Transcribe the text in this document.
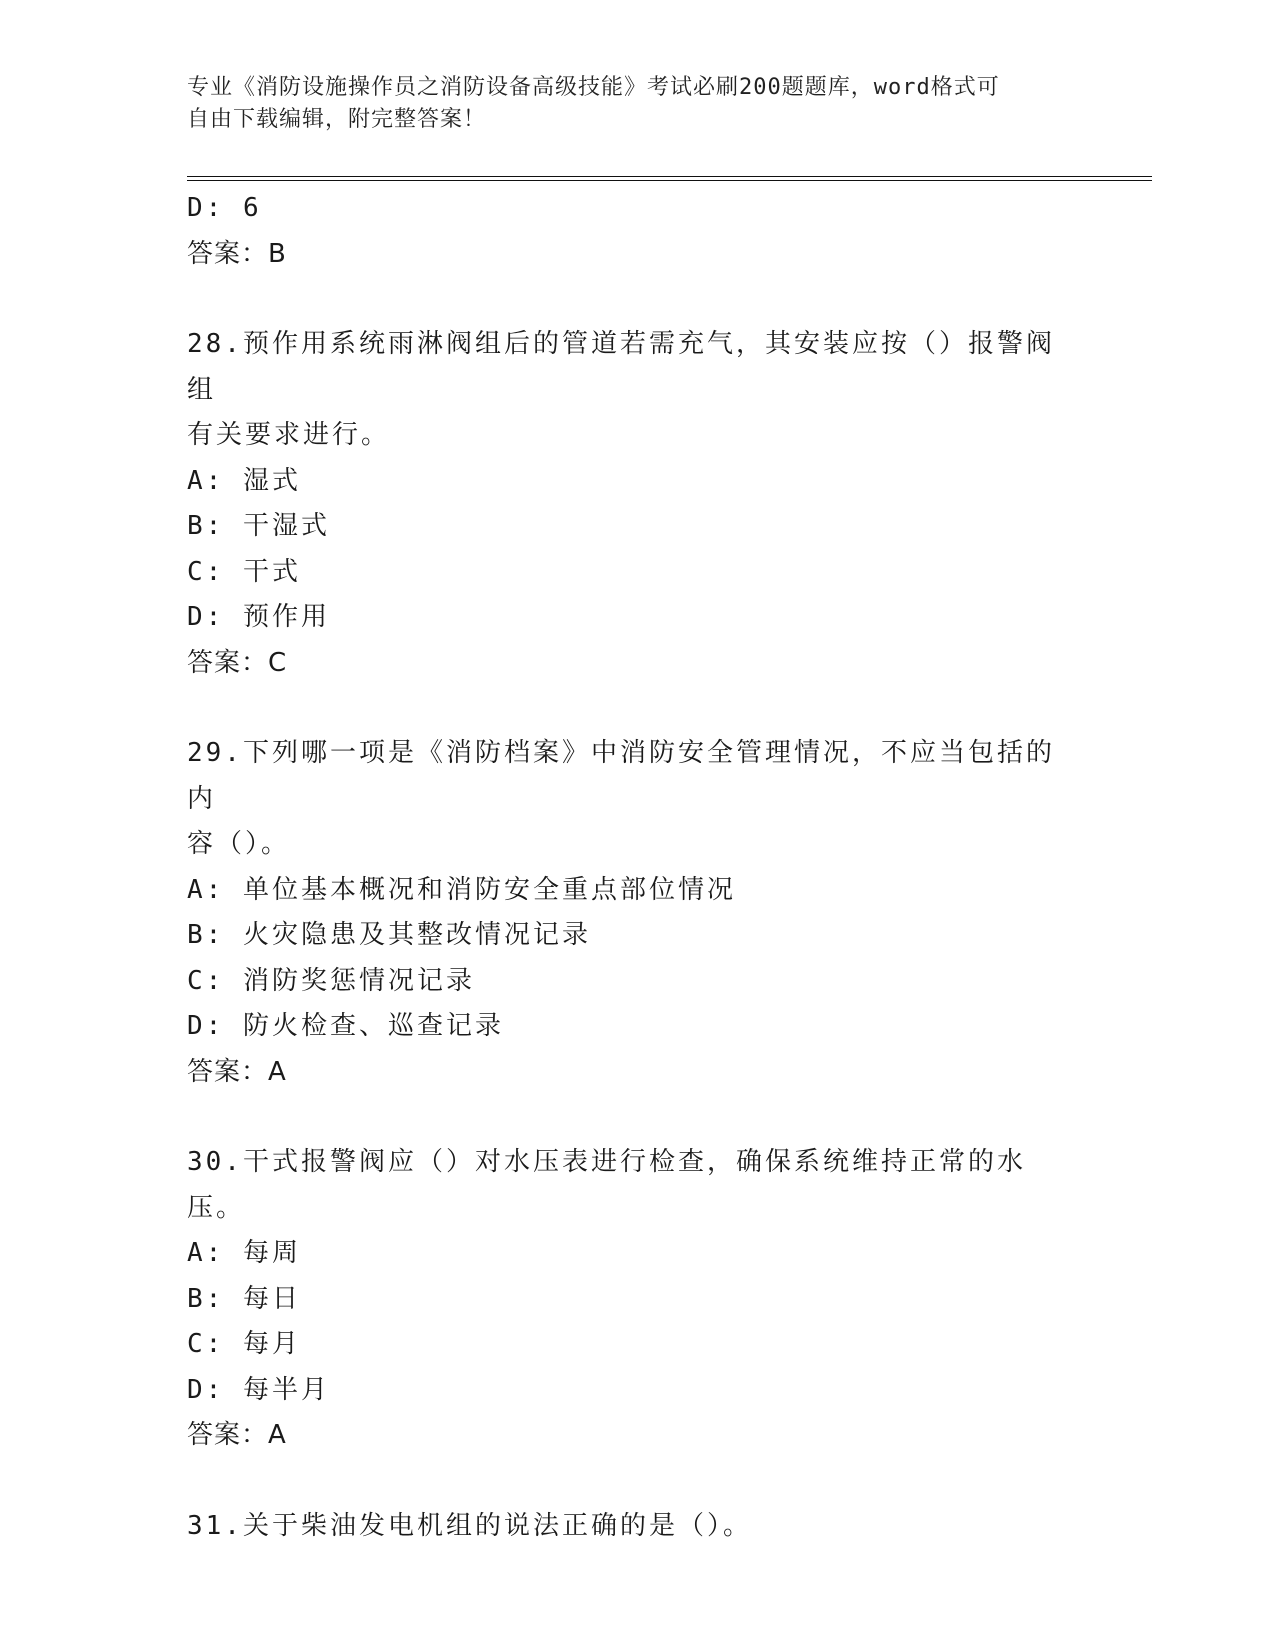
专业《消防设施操作员之消防设备高级技能》考试必刷200题题库，word格式可
自由下载编辑，附完整答案！
D: 6
答案：B
28.预作用系统雨淋阀组后的管道若需充气，其安装应按（）报警阀组
有关要求进行。
A: 湿式
B: 干湿式
C: 干式
D: 预作用
答案：C
29.下列哪一项是《消防档案》中消防安全管理情况，不应当包括的内
容（）。
A: 单位基本概况和消防安全重点部位情况
B: 火灾隐患及其整改情况记录
C: 消防奖惩情况记录
D: 防火检查、巡查记录
答案：A
30.干式报警阀应（）对水压表进行检查，确保系统维持正常的水压。
A: 每周
B: 每日
C: 每月
D: 每半月
答案：A
31.关于柴油发电机组的说法正确的是（）。
